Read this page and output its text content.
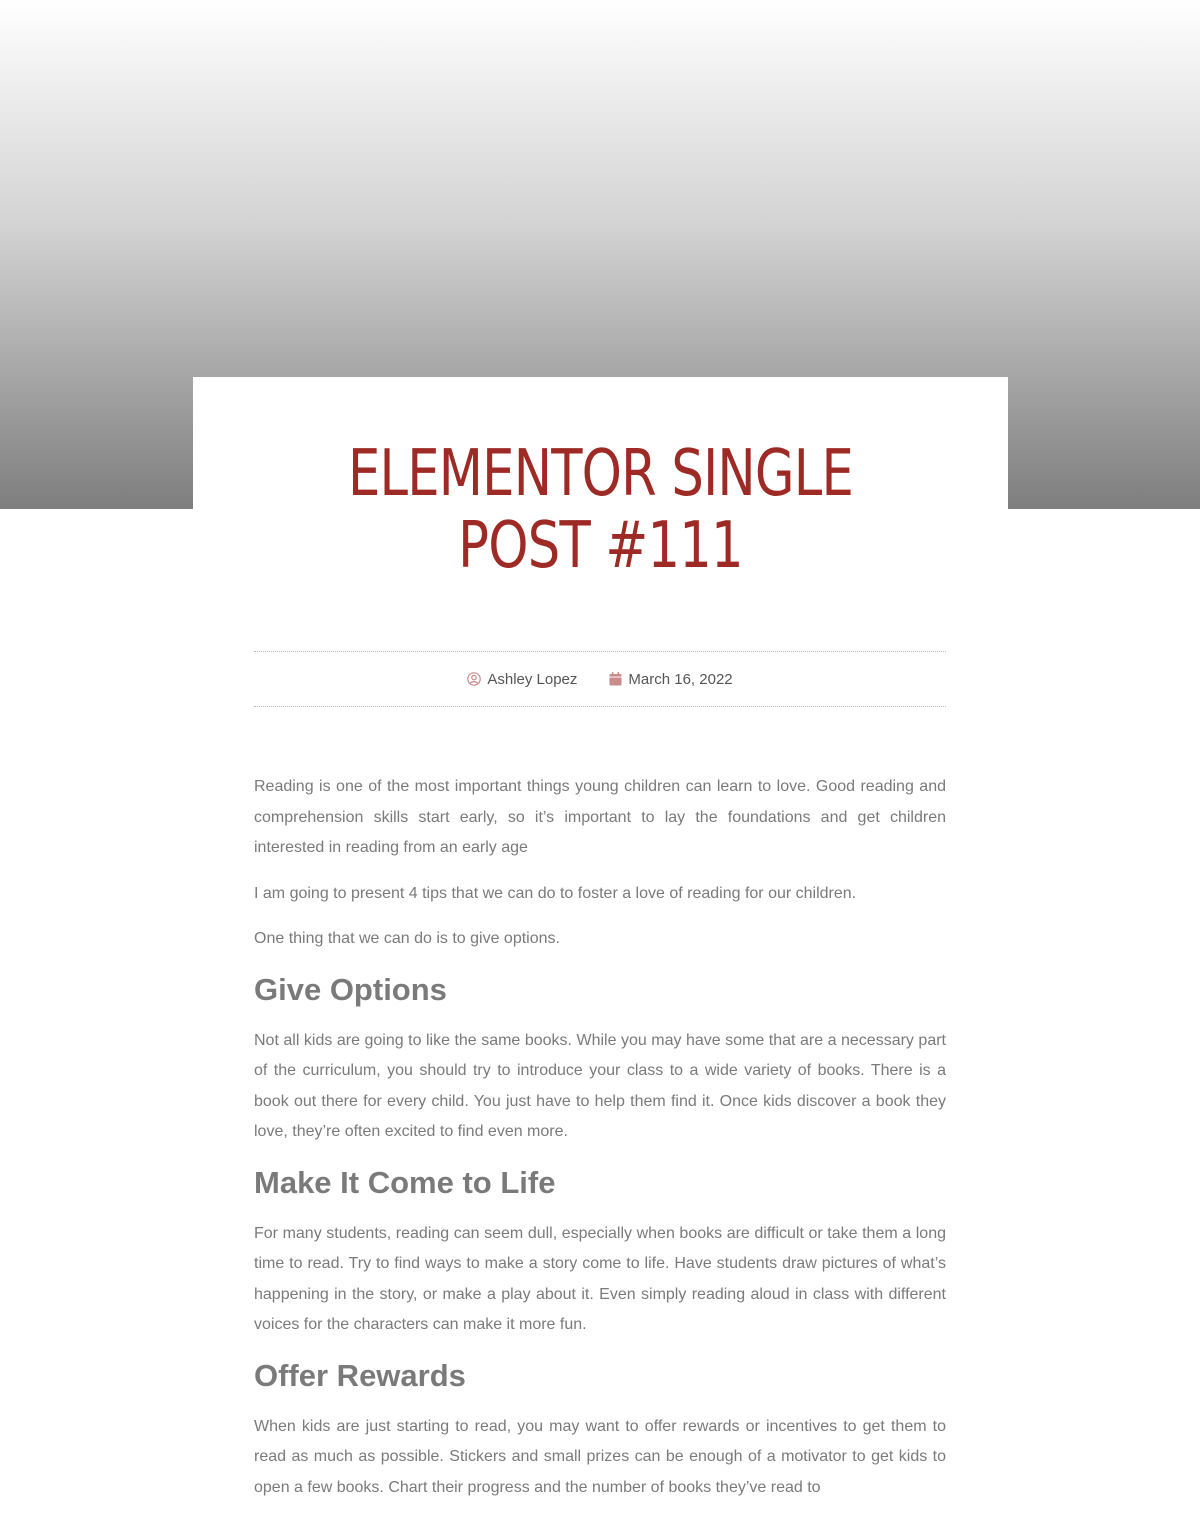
ELEMENTOR SINGLE POST #111
Ashley Lopez	March 16, 2022

Reading is one of the most important things young children can learn to love. Good reading and comprehension skills start early, so it’s important to lay the foundations and get children interested in reading from an early age

I am going to present 4 tips that we can do to foster a love of reading for our children.

One thing that we can do is to give options.

Give Options

Not all kids are going to like the same books. While you may have some that are a necessary part of the curriculum, you should try to introduce your class to a wide variety of books. There is a book out there for every child. You just have to help them find it. Once kids discover a book they love, they’re often excited to find even more.

Make It Come to Life

For many students, reading can seem dull, especially when books are difficult or take them a long time to read. Try to find ways to make a story come to life. Have students draw pictures of what’s happening in the story, or make a play about it. Even simply reading aloud in class with different voices for the characters can make it more fun.

Offer Rewards

When kids are just starting to read, you may want to offer rewards or incentives to get them to read as much as possible. Stickers and small prizes can be enough of a motivator to get kids to open a few books. Chart their progress and the number of books they’ve read to
